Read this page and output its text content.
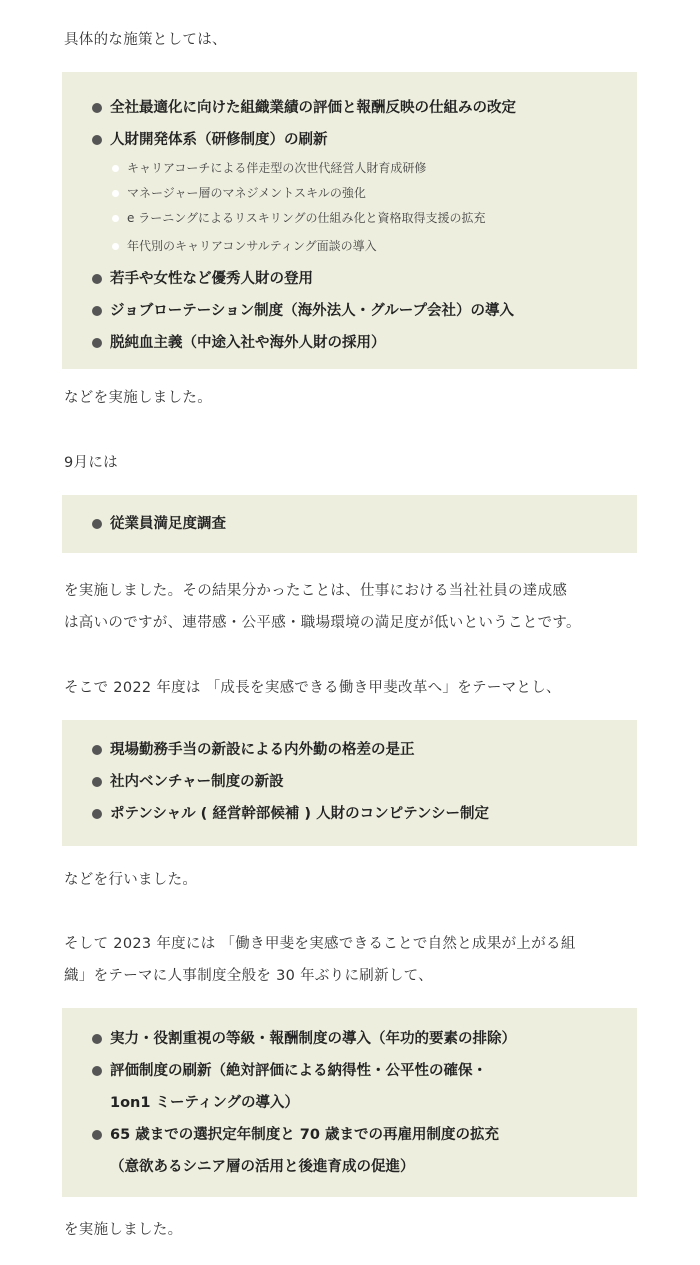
具体的な施策としては、
全社最適化に向けた組織業績の評価と報酬反映の仕組みの改定
人財開発体系（研修制度）の刷新
キャリアコーチによる伴走型の次世代経営人財育成研修
マネージャー層のマネジメントスキルの強化
e ラーニングによるリスキリングの仕組み化と資格取得支援の拡充
年代別のキャリアコンサルティング面談の導入
若手や女性など優秀人財の登用
ジョブローテーション制度（海外法人・グループ会社）の導入
脱純血主義（中途入社や海外人財の採用）
などを実施しました。
9月には
従業員満足度調査
を実施しました。その結果分かったことは、仕事における当社社員の達成感
は高いのですが、連帯感・公平感・職場環境の満足度が低いということです。
そこで 2022 年度は 「成長を実感できる働き甲斐改革へ」をテーマとし、
現場勤務手当の新設による内外勤の格差の是正
社内ベンチャー制度の新設
ポテンシャル ( 経営幹部候補 ) 人財のコンピテンシー制定
などを行いました。
そして 2023 年度には 「働き甲斐を実感できることで自然と成果が上がる組
織」をテーマに人事制度全般を 30 年ぶりに刷新して、
実力・役割重視の等級・報酬制度の導入（年功的要素の排除）
評価制度の刷新（絶対評価による納得性・公平性の確保・
1on1 ミーティングの導入）
65 歳までの選択定年制度と 70 歳までの再雇用制度の拡充
（意欲あるシニア層の活用と後進育成の促進）
を実施しました。
